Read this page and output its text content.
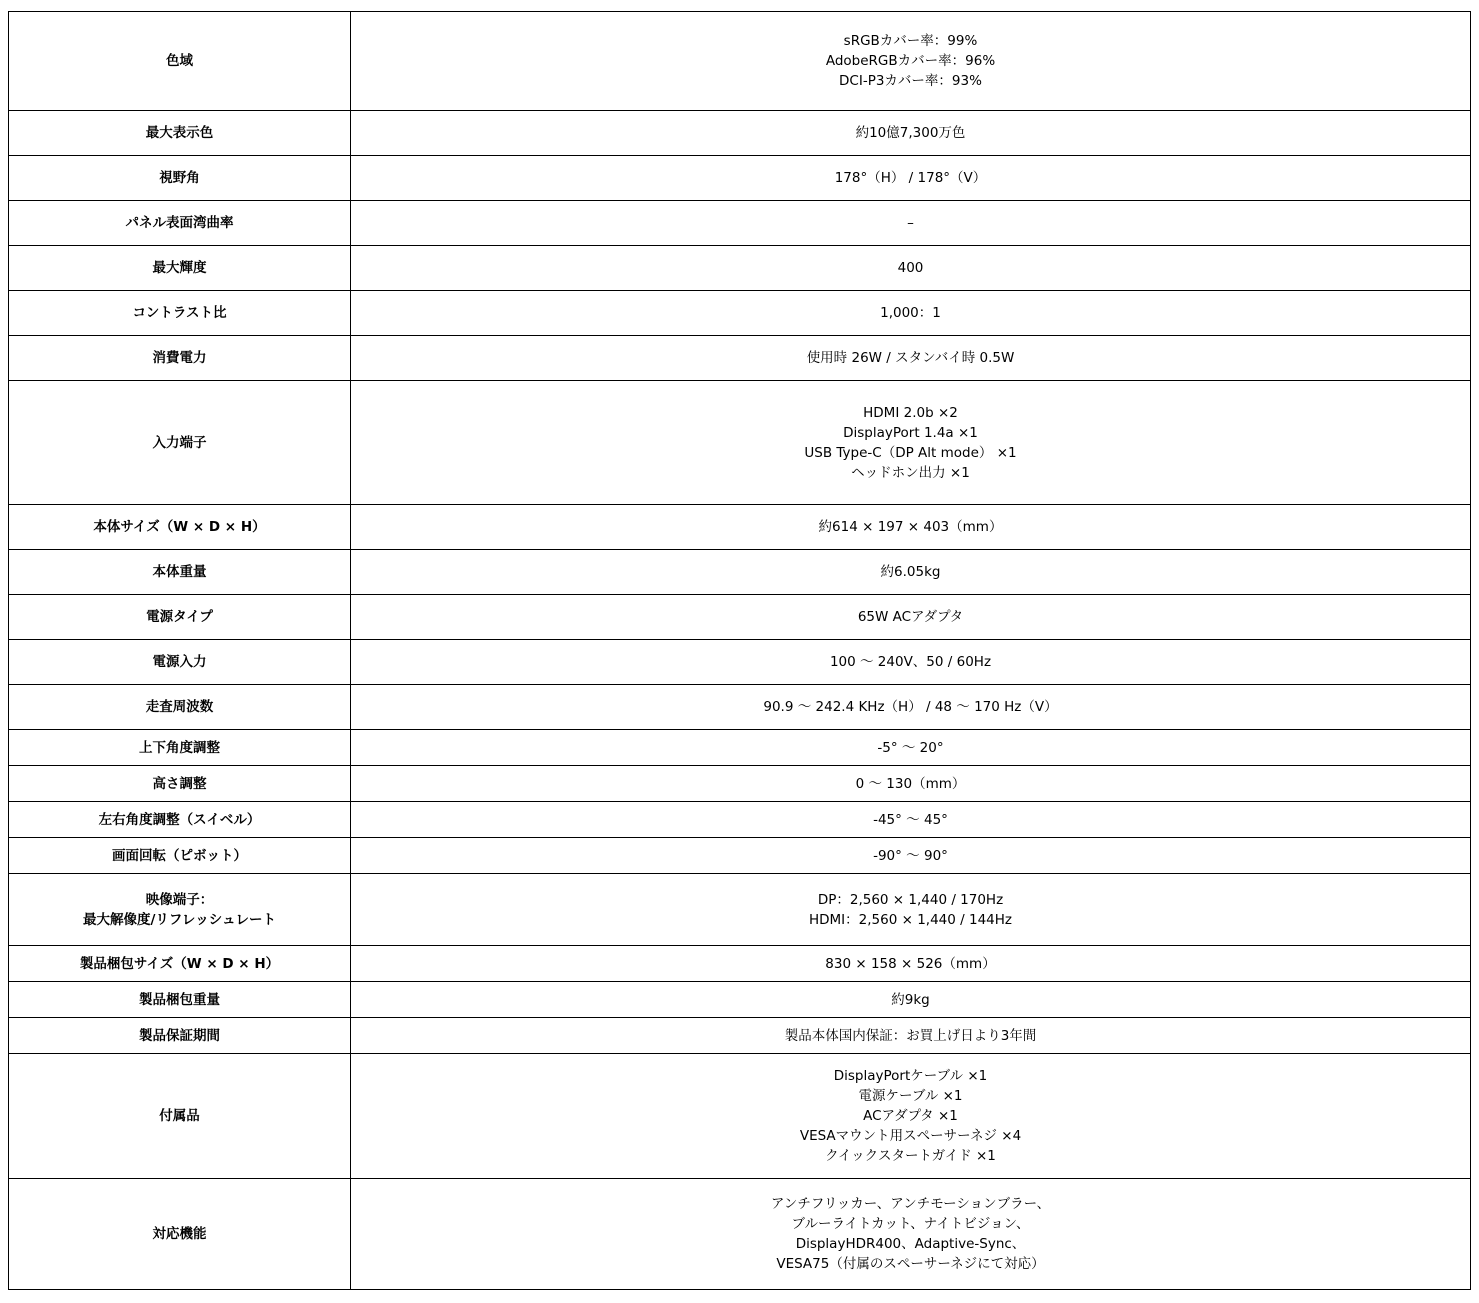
色域	sRGBカバー率：99%
AdobeRGBカバー率：96%
DCI-P3カバー率：93%

最大表示色	約10億7,300万色

視野角	178°（H） / 178°（V）

パネル表面湾曲率	–

最大輝度	400

コントラスト比	1,000：1

消費電力	使用時 26W / スタンバイ時 0.5W

入力端子	HDMI 2.0b ×2
DisplayPort 1.4a ×1
USB Type-C（DP Alt mode） ×1
ヘッドホン出力 ×1

本体サイズ（W × D × H）	約614 × 197 × 403（mm）

本体重量	約6.05kg

電源タイプ	65W ACアダプタ

電源入力	100 ～ 240V、50 / 60Hz

走査周波数	90.9 ～ 242.4 KHz（H） / 48 ～ 170 Hz（V）

上下角度調整	-5° ～ 20°

高さ調整	0 ～ 130（mm）

左右角度調整（スイベル）	-45° ～ 45°

画面回転（ピボット）	-90° ～ 90°

映像端子：
最大解像度/リフレッシュレート	DP：2,560 × 1,440 / 170Hz
HDMI：2,560 × 1,440 / 144Hz

製品梱包サイズ（W × D × H）	830 × 158 × 526（mm）

製品梱包重量	約9kg

製品保証期間	製品本体国内保証：お買上げ日より3年間

付属品	DisplayPortケーブル ×1
電源ケーブル ×1
ACアダプタ ×1
VESAマウント用スペーサーネジ ×4
クイックスタートガイド ×1

対応機能	アンチフリッカー、アンチモーションブラー、
ブルーライトカット、ナイトビジョン、
DisplayHDR400、Adaptive-Sync、
VESA75（付属のスペーサーネジにて対応）
